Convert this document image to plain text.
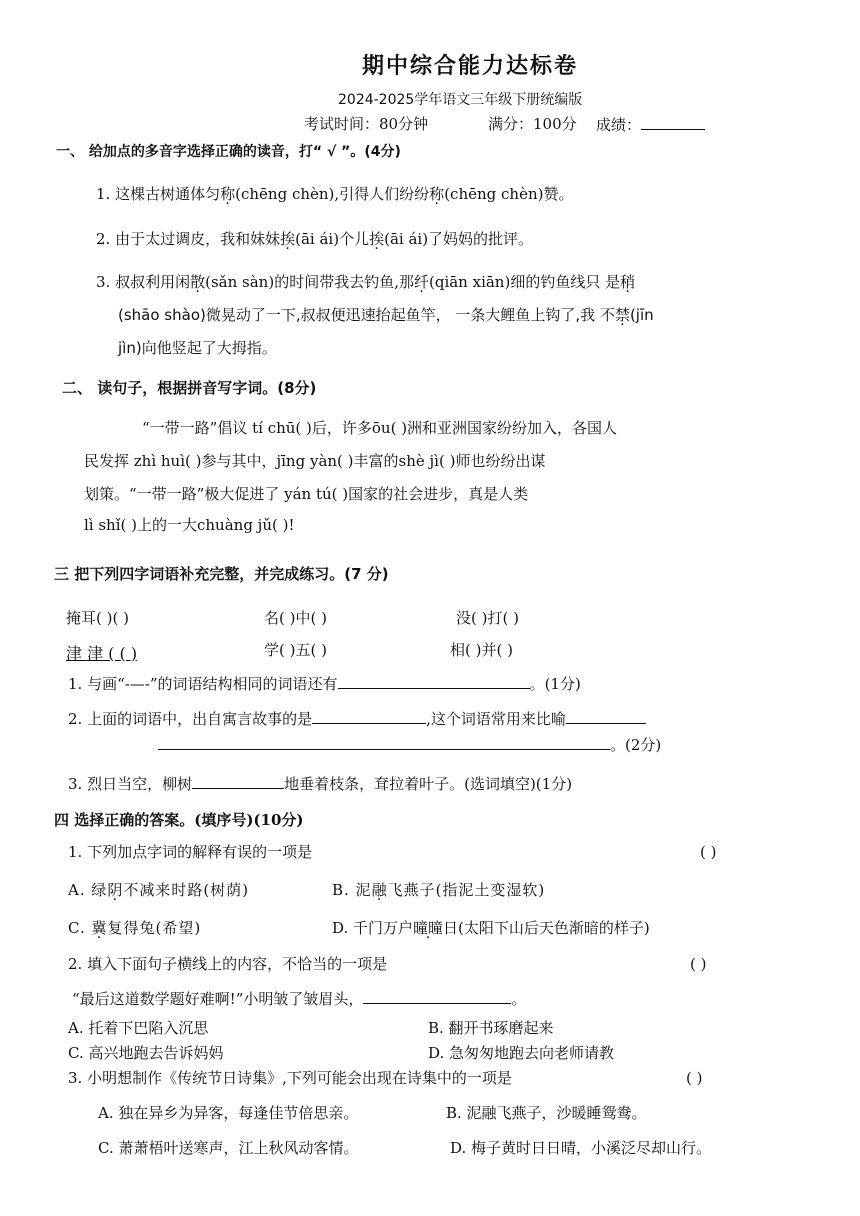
期中综合能力达标卷
2024-2025学年语文三年级下册统编版
考试时间：80分钟	满分：100分 成绩：
一、 给加点的多音字选择正确的读音，打“ √ ”。(4分)
1. 这棵古树通体匀称(chēng chèn),引得人们纷纷称(chēng chèn)赞。
2. 由于太过调皮，我和妹妹挨(āi ái)个儿挨(āi ái)了妈妈的批评。
3. 叔叔利用闲散(sǎn sàn)的时间带我去钓鱼,那纤(qiān xiān)细的钓鱼线只 是稍
(shāo shào)微晃动了一下,叔叔便迅速抬起鱼竿， 一条大鲤鱼上钩了,我 不禁(jīn
jìn)向他竖起了大拇指。
二、 读句子，根据拼音写字词。(8分)
“一带一路”倡议 tí chū( )后，许多ōu( )洲和亚洲国家纷纷加入，各国人
民发挥 zhì huì( )参与其中，jīng yàn( )丰富的shè jì( )师也纷纷出谋
划策。“一带一路”极大促进了 yán tú( )国家的社会进步，真是人类
lì shǐ( )上的一大chuàng jǔ( )!
三 把下列四字词语补充完整，并完成练习。(7 分)
掩耳( )( )	名( )中( )	没( )打( )
津 津 ( ( )	学( )五( )	相( )并( )
1. 与画“-—-”的词语结构相同的词语还有	。(1分)
2. 上面的词语中，出自寓言故事的是	,这个词语常用来比喻
。(2分)
3. 烈日当空，柳树	地垂着枝条，耷拉着叶子。(选词填空)(1分)
四 选择正确的答案。(填序号)(10分)
1. 下列加点字词的解释有误的一项是	( )
A. 绿阴不减来时路(树荫)	B. 泥融飞燕子(指泥土变湿软)
C. 冀复得兔(希望)	D. 千门万户曈曈日(太阳下山后天色渐暗的样子)
2. 填入下面句子横线上的内容，不恰当的一项是	( )
“最后这道数学题好难啊!”小明皱了皱眉头，	。
A. 托着下巴陷入沉思	B. 翻开书琢磨起来
C. 高兴地跑去告诉妈妈	D. 急匆匆地跑去向老师请教
3. 小明想制作《传统节日诗集》,下列可能会出现在诗集中的一项是	( )
A. 独在异乡为异客，每逢佳节倍思亲。	B. 泥融飞燕子，沙暖睡鸳鸯。
C. 萧萧梧叶送寒声，江上秋风动客情。	D. 梅子黄时日日晴，小溪泛尽却山行。
